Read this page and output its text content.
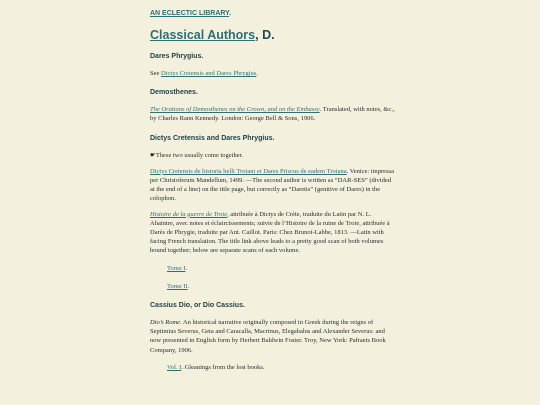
AN ECLECTIC LIBRARY.
Classical Authors, D.
Dares Phrygius.

See Dictys Cretensis and Dares Phrygius.

Demosthenes.

The Orations of Demosthenes on the Crown, and on the Embassy. Translated, with notes, &c., by Charles Rann Kennedy. London: George Bell & Sons, 1906.

Dictys Cretensis and Dares Phrygius.

☛These two usually come together.

Dictys Cretensis de historia belli Troiani et Dares Priscus de eadem Troiana. Venice: impressa per Christoferum Mandellum, 1499. —The second author is written as “DAR-SES” (divided at the end of a line) on the title page, but correctly as “Daretis” (genitive of Dares) in the colophon.

Histoire de la guerre de Troie, attribuée à Dictys de Crète, traduite du Latin par N. L. Ahaintre, avec notes et éclaircissements; suivie de l’Histoire de la ruine de Troie, attribuée à Darès de Phrygie, traduite par Ant. Caillot. Paris: Chez Brunot-Labbe, 1813. —Latin with facing French translation. The title link above leads to a pretty good scan of both volumes bound together; below are separate scans of each volume.

Tome I.

Tome II.

Cassius Dio, or Dio Cassius.

Dio’s Rome. An historical narrative originally composed in Greek during the reigns of Septimius Severus, Geta and Caracalla, Macrinus, Elegabalus and Alexander Severus: and now presented in English form by Herbert Baldwin Foster. Troy, New York: Pafraets Book Company, 1906.

Vol. I. Gleanings from the lost books.
